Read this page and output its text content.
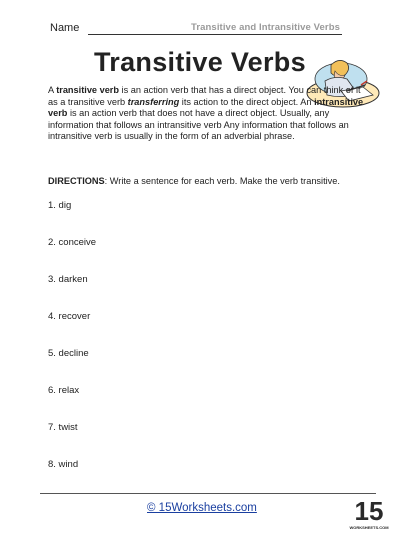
Name	Transitive and Intransitive Verbs
Transitive Verbs
A transitive verb is an action verb that has a direct object. You can think of it as a transitive verb transferring its action to the direct object. An intransitive verb is an action verb that does not have a direct object. Usually, any information that follows an intransitive verb Any information that follows an intransitive verb is usually in the form of an adverbial phrase.
DIRECTIONS: Write a sentence for each verb. Make the verb transitive.
1. dig
2. conceive
3. darken
4. recover
5. decline
6. relax
7. twist
8. wind
© 15Worksheets.com	15
WORKSHEETS.COM
